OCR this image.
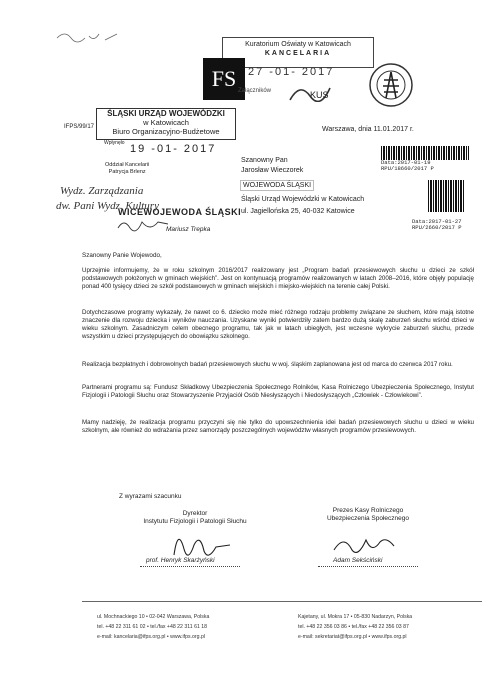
Kuratorium Oświaty w Katowicach
KANCELARIA
FS	27 -01- 2017
Załączników	KUS
ŚLĄSKI URZĄD WOJEWÓDZKI
w Katowicach
Biuro Organizacyjno-Budżetowe
Wpłynęło 19 -01- 2017
Oddział Kancelarii
Patrycja Brlenz
IFPS/99/17	Warszawa, dnia 11.01.2017 r.
Szanowny Pan
Jarosław Wieczorek
WOJEWODA ŚLĄSKI
Śląski Urząd Wojewódzki w Katowicach
ul. Jagiellońska 25, 40-032 Katowice
Data:2017-01-19
RPU/18660/2017 P
Data:2017-01-27
RPU/2660/2017 P
Wydz. Zarządzania
dw. Pani Wydz. Kultury
WICEWOJEWODA ŚLĄSKI
Mariusz Trepka
Szanowny Panie Wojewodo,
Uprzejmie informujemy, że w roku szkolnym 2016/2017 realizowany jest „Program badań przesiewowych słuchu u dzieci ze szkół podstawowych położonych w gminach wiejskich”. Jest on kontynuacją programów realizowanych w latach 2008–2016, które objęły populację ponad 400 tysięcy dzieci ze szkół podstawowych w gminach wiejskich i miejsko-wiejskich na terenie całej Polski.
Dotychczasowe programy wykazały, że nawet co 6. dziecko może mieć różnego rodzaju problemy związane ze słuchem, które mają istotne znaczenie dla rozwoju dziecka i wyników nauczania. Uzyskane wyniki potwierdziły zatem bardzo dużą skalę zaburzeń słuchu wśród dzieci w wieku szkolnym. Zasadniczym celem obecnego programu, tak jak w latach ubiegłych, jest wczesne wykrycie zaburzeń słuchu, przede wszystkim u dzieci przystępujących do obowiązku szkolnego.
Realizacja bezpłatnych i dobrowolnych badań przesiewowych słuchu w woj. śląskim zaplanowana jest od marca do czerwca 2017 roku.
Partnerami programu są: Fundusz Składkowy Ubezpieczenia Społecznego Rolników, Kasa Rolniczego Ubezpieczenia Społecznego, Instytut Fizjologii i Patologii Słuchu oraz Stowarzyszenie Przyjaciół Osób Niesłyszących i Niedosłyszących „Człowiek - Człowiekowi”.
Mamy nadzieję, że realizacja programu przyczyni się nie tylko do upowszechnienia idei badań przesiewowych słuchu u dzieci w wieku szkolnym, ale również do wdrażania przez samorządy poszczególnych województw własnych programów przesiewowych.
Z wyrazami szacunku
Dyrektor
Instytutu Fizjologii i Patologii Słuchu
prof. Henryk Skarżyński
Prezes Kasy Rolniczego
Ubezpieczenia Społecznego
Adam Sekściński
ul. Mochnackiego 10 • 02-042 Warszawa, Polska
tel. +48 22 311 61 02 • tel./fax +48 22 311 61 18
e-mail: kancelaria@ifps.org.pl • www.ifps.org.pl
Kajetany, ul. Mokra 17 • 05-830 Nadarzyn, Polska
tel. +48 22 356 03 86 • tel./fax +48 22 356 03 87
e-mail: sekretariat@ifps.org.pl • www.ifps.org.pl
